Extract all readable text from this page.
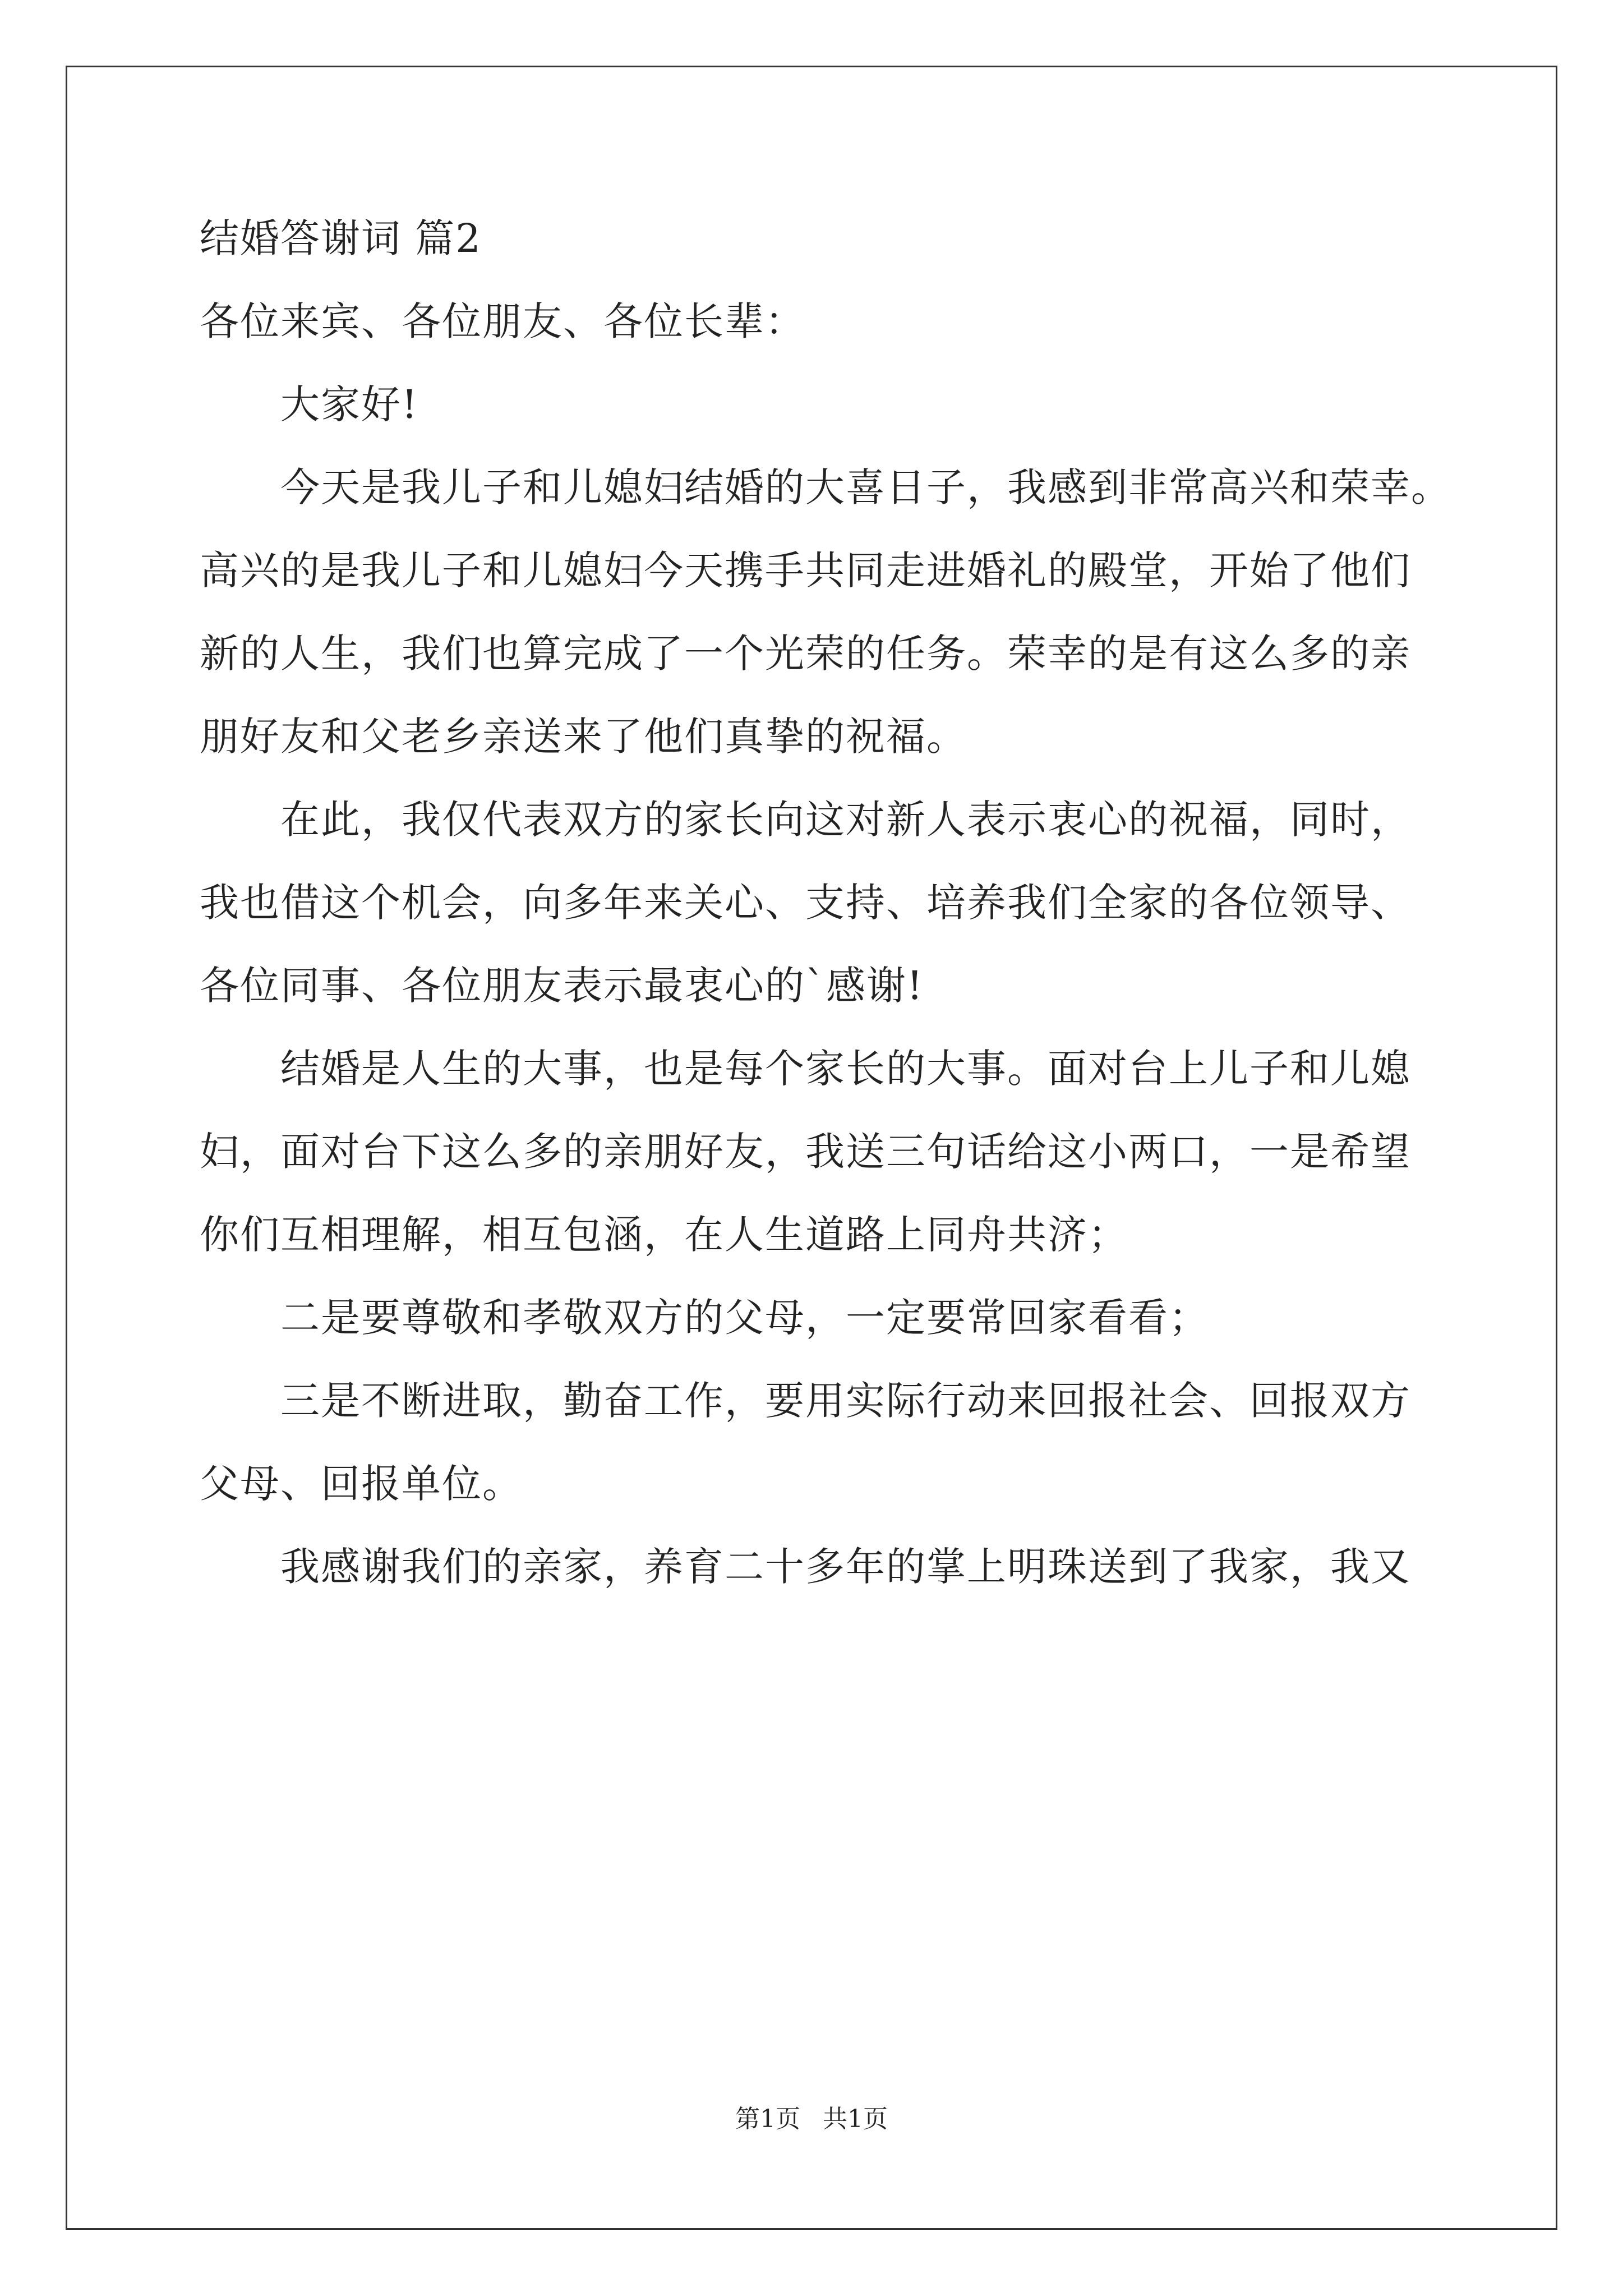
结婚答谢词 篇2
各位来宾、各位朋友、各位长辈：
大家好!
今天是我儿子和儿媳妇结婚的大喜日子，我感到非常高兴和荣幸。
高兴的是我儿子和儿媳妇今天携手共同走进婚礼的殿堂，开始了他们
新的人生，我们也算完成了一个光荣的任务。荣幸的是有这么多的亲
朋好友和父老乡亲送来了他们真挚的祝福。
在此，我仅代表双方的家长向这对新人表示衷心的祝福，同时，
我也借这个机会，向多年来关心、支持、培养我们全家的各位领导、
各位同事、各位朋友表示最衷心的`感谢!
结婚是人生的大事，也是每个家长的大事。面对台上儿子和儿媳
妇，面对台下这么多的亲朋好友，我送三句话给这小两口，一是希望
你们互相理解，相互包涵，在人生道路上同舟共济；
二是要尊敬和孝敬双方的父母，一定要常回家看看；
三是不断进取，勤奋工作，要用实际行动来回报社会、回报双方
父母、回报单位。
我感谢我们的亲家，养育二十多年的掌上明珠送到了我家，我又
第1页 共1页
